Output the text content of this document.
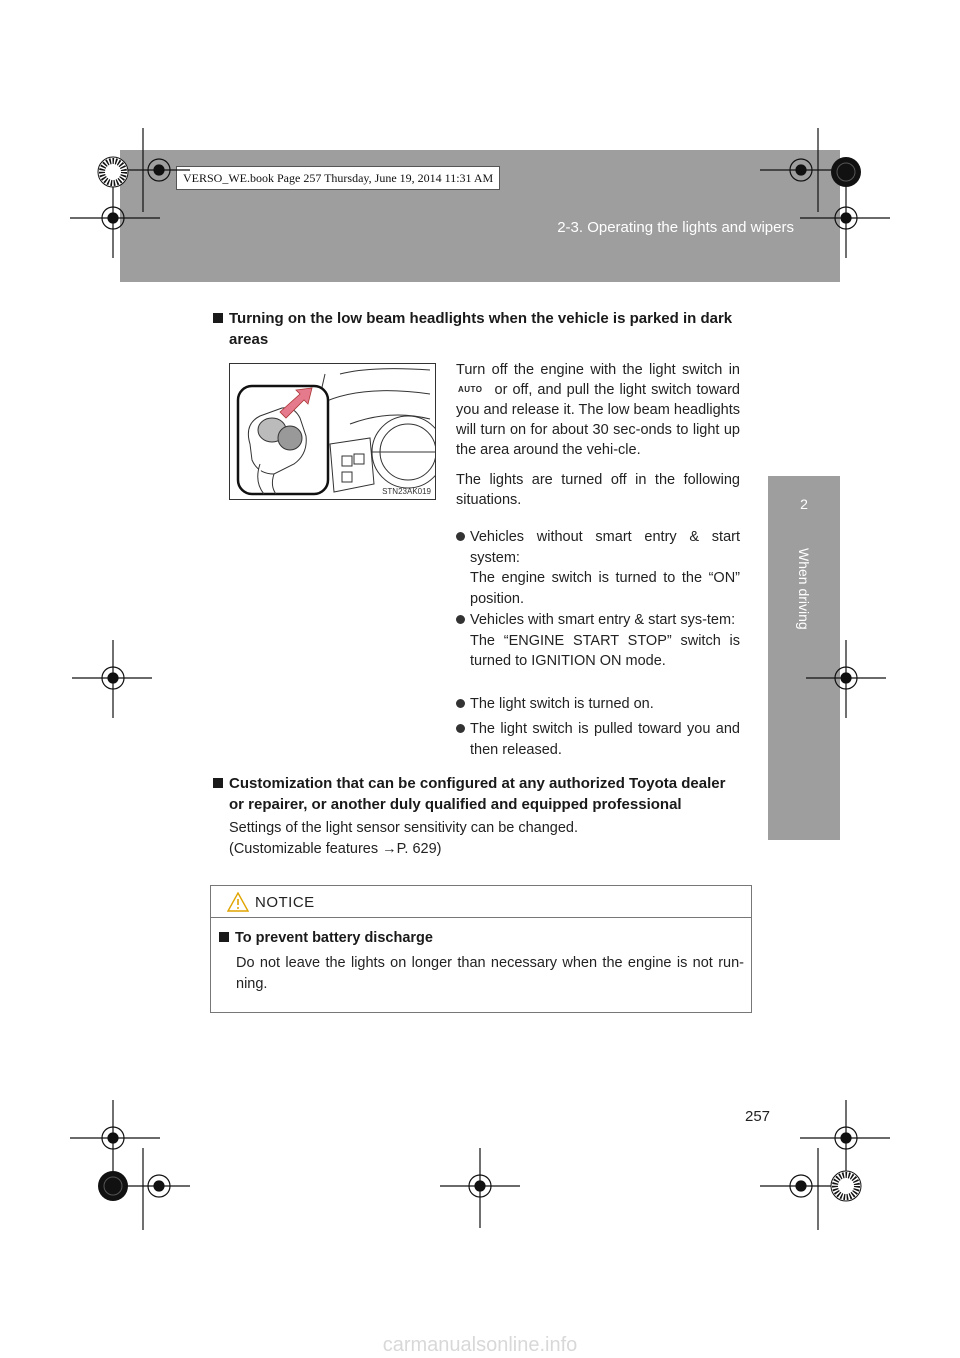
VERSO_WE.book Page 257 Thursday, June 19, 2014 11:31 AM
2-3. Operating the lights and wipers
2
When driving
Turning on the low beam headlights when the vehicle is parked in dark
areas
STN23AK019
Turn off the engine with the light switch in AUTO or off, and pull the light switch toward you and release it. The low beam headlights will turn on for about 30 sec-onds to light up the area around the vehi-cle.
The lights are turned off in the following situations.
Vehicles without smart entry & start system:
The engine switch is turned to the “ON” position.
Vehicles with smart entry & start sys-tem:
The “ENGINE START STOP” switch is turned to IGNITION ON mode.
The light switch is turned on.
The light switch is pulled toward you and then released.
Customization that can be configured at any authorized Toyota dealer
or repairer, or another duly qualified and equipped professional
Settings of the light sensor sensitivity can be changed.
(Customizable features →P. 629)
NOTICE
To prevent battery discharge
Do not leave the lights on longer than necessary when the engine is not run-ning.
257
carmanualsonline.info
